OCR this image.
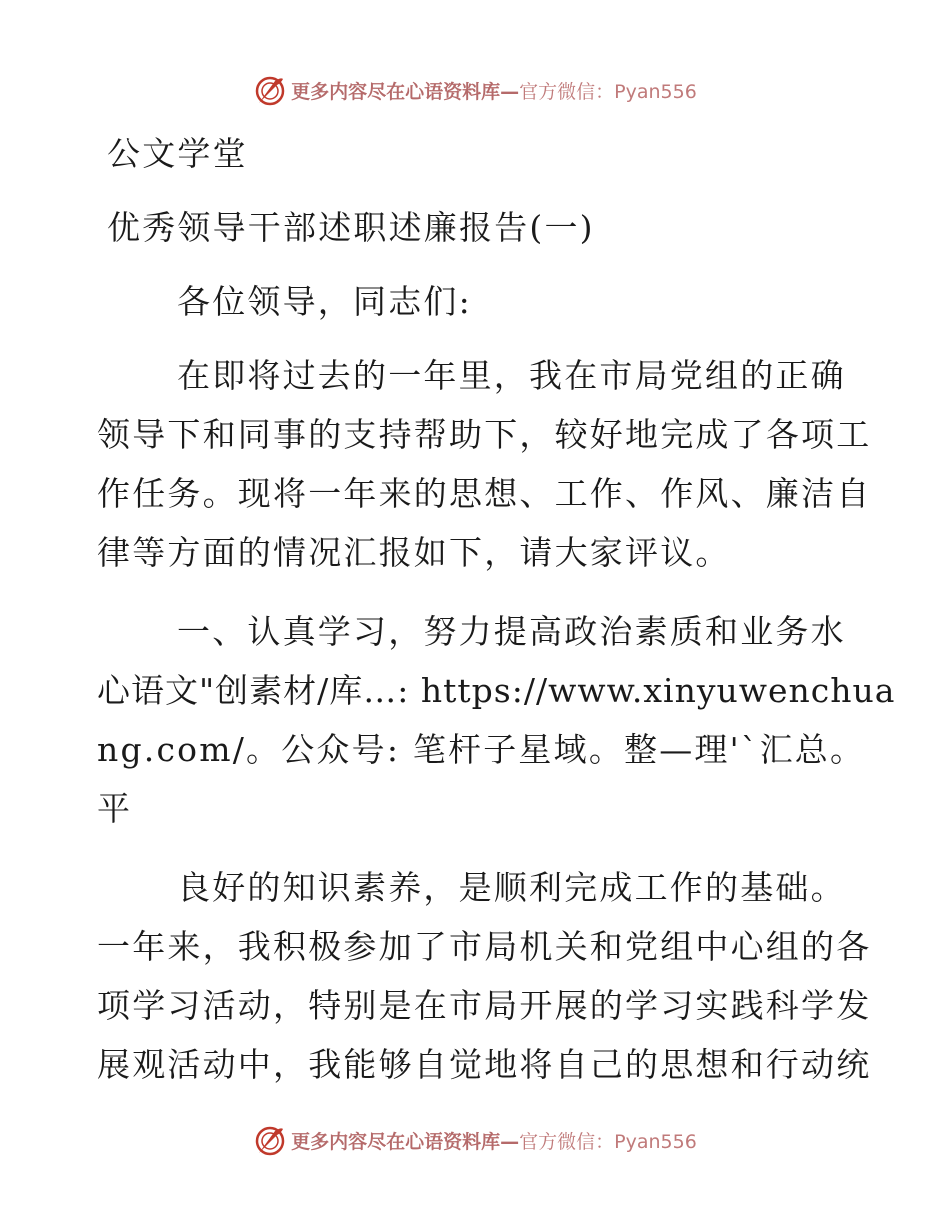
更多内容尽在心语资料库—官方微信：Pyan556
公文学堂
优秀领导干部述职述廉报告(一)
各位领导，同志们:
在即将过去的一年里，我在市局党组的正确
领导下和同事的支持帮助下，较好地完成了各项工
作任务。现将一年来的思想、工作、作风、廉洁自
律等方面的情况汇报如下，请大家评议。
一、认真学习，努力提高政治素质和业务水
心语文"创素材/库…: https://www.xinyuwenchua
ng.com/。公众号: 笔杆子星域。整—理'`汇总。
平
良好的知识素养，是顺利完成工作的基础。
一年来，我积极参加了市局机关和党组中心组的各
项学习活动，特别是在市局开展的学习实践科学发
展观活动中，我能够自觉地将自己的思想和行动统
更多内容尽在心语资料库—官方微信：Pyan556
